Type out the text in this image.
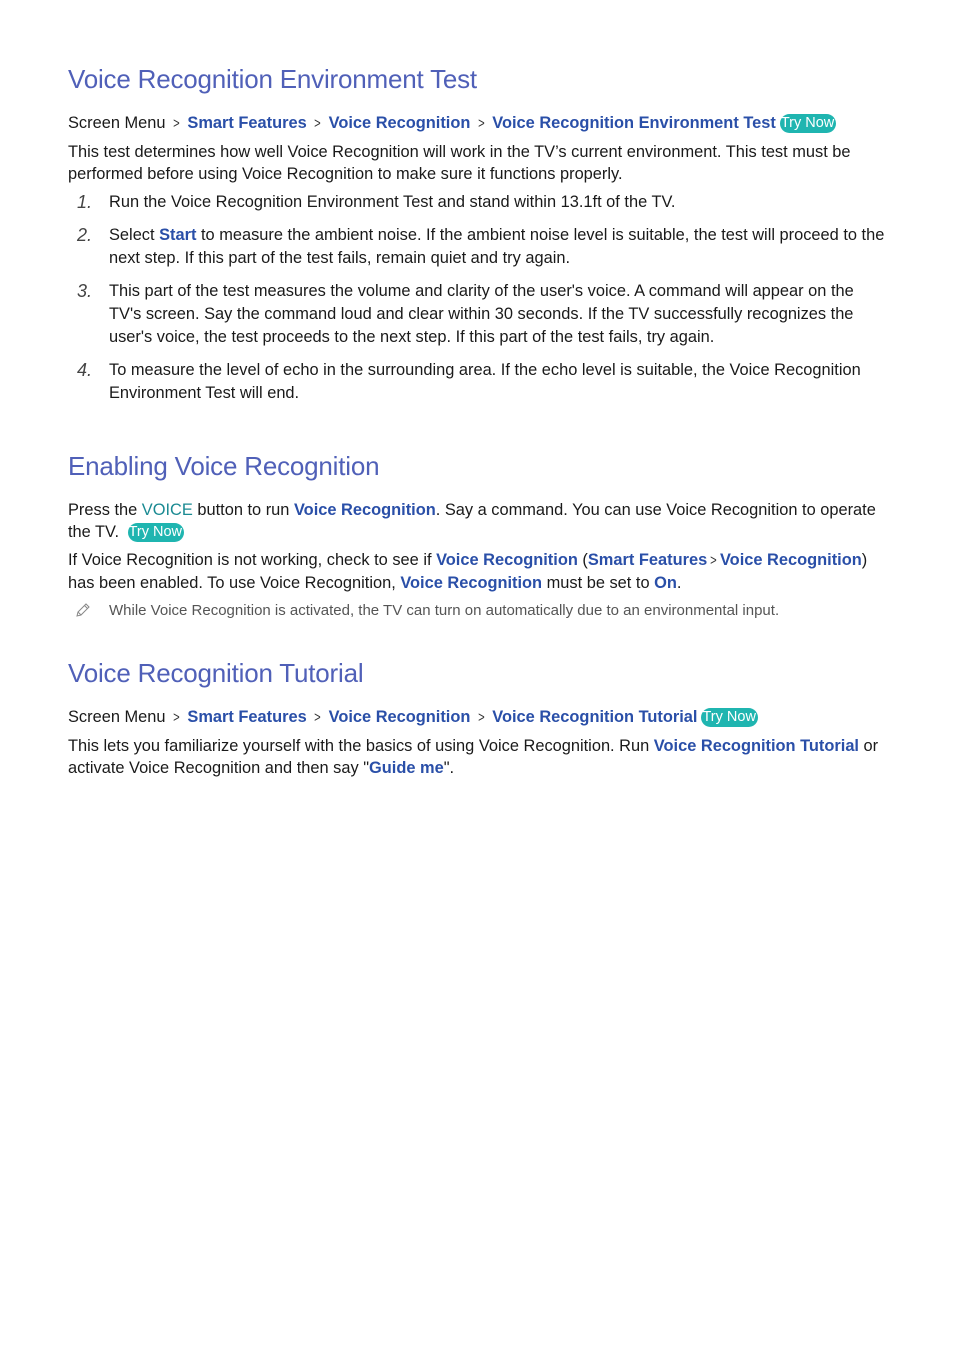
Voice Recognition Environment Test
Screen Menu > Smart Features > Voice Recognition > Voice Recognition Environment Test Try Now

This test determines how well Voice Recognition will work in the TV’s current environment. This test must be performed before using Voice Recognition to make sure it functions properly.

1. Run the Voice Recognition Environment Test and stand within 13.1ft of the TV.
2. Select Start to measure the ambient noise. If the ambient noise level is suitable, the test will proceed to the next step. If this part of the test fails, remain quiet and try again.
3. This part of the test measures the volume and clarity of the user's voice. A command will appear on the TV's screen. Say the command loud and clear within 30 seconds. If the TV successfully recognizes the user's voice, the test proceeds to the next step. If this part of the test fails, try again.
4. To measure the level of echo in the surrounding area. If the echo level is suitable, the Voice Recognition Environment Test will end.
Enabling Voice Recognition

Press the VOICE button to run Voice Recognition. Say a command. You can use Voice Recognition to operate the TV. Try Now

If Voice Recognition is not working, check to see if Voice Recognition (Smart Features > Voice Recognition) has been enabled. To use Voice Recognition, Voice Recognition must be set to On.

While Voice Recognition is activated, the TV can turn on automatically due to an environmental input.
Voice Recognition Tutorial
Screen Menu > Smart Features > Voice Recognition > Voice Recognition Tutorial Try Now

This lets you familiarize yourself with the basics of using Voice Recognition. Run Voice Recognition Tutorial or activate Voice Recognition and then say "Guide me".
